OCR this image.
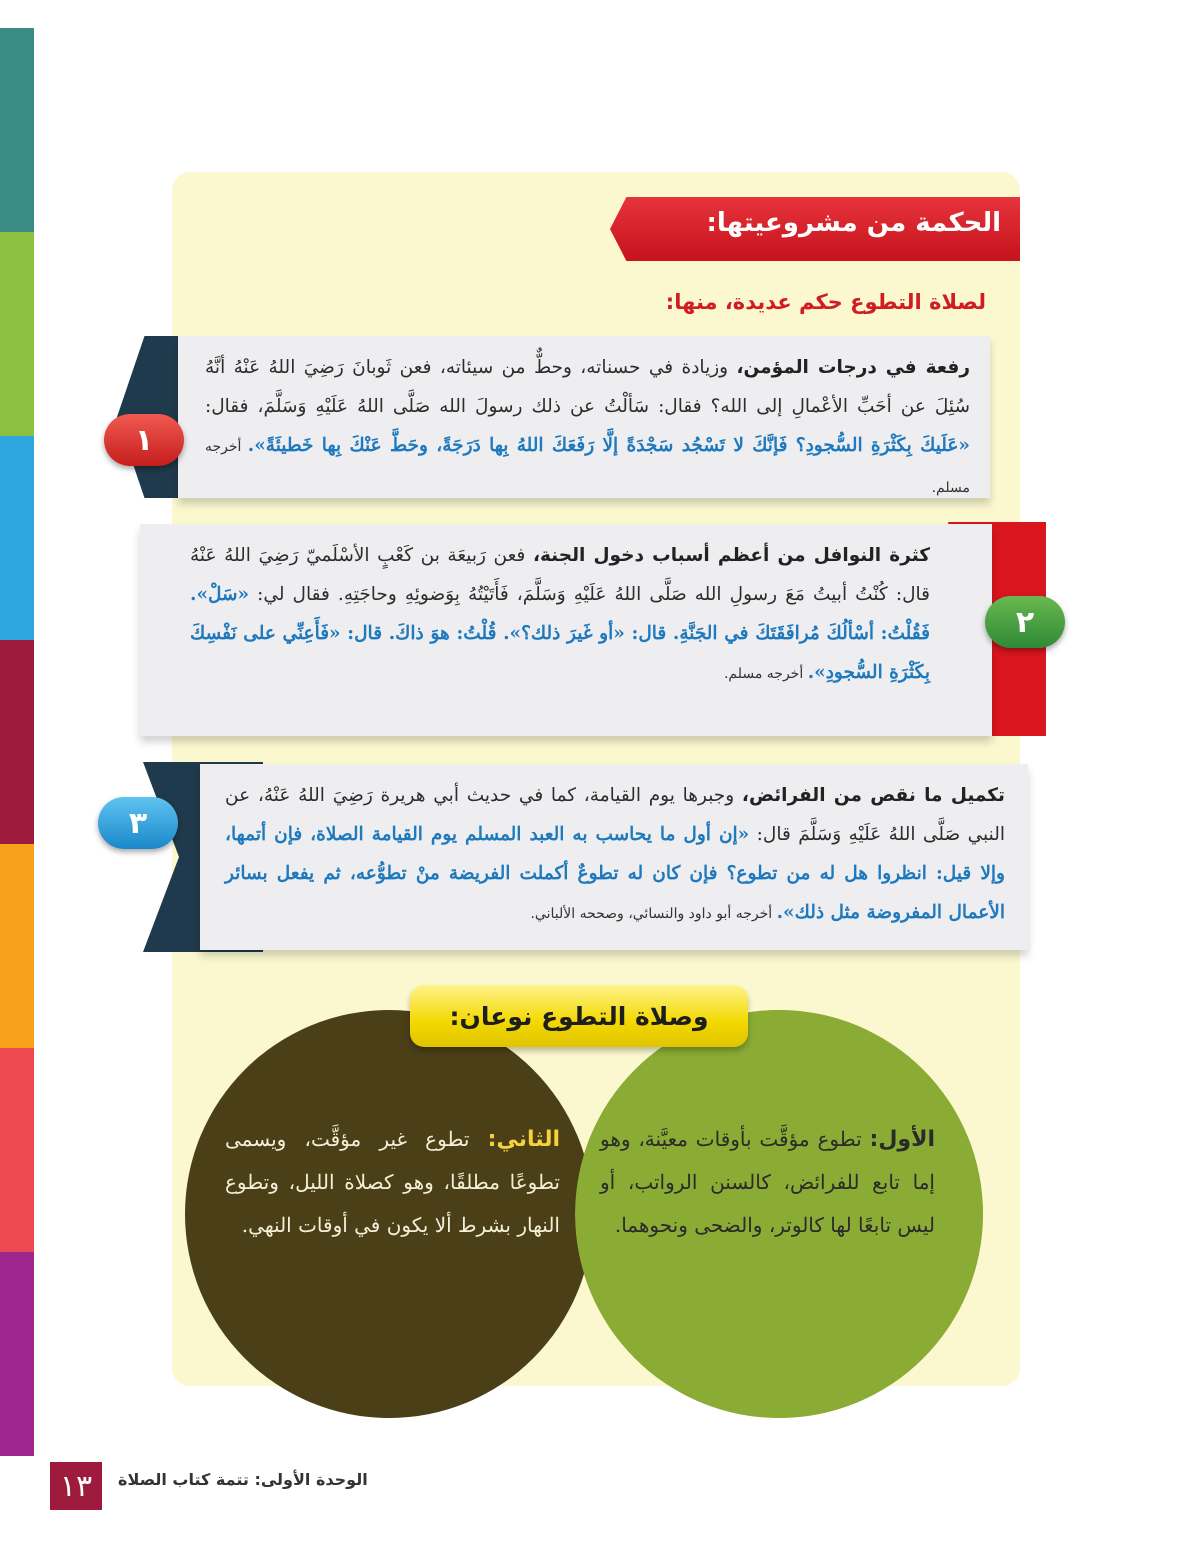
الحكمة من مشروعيتها:
لصلاة التطوع حكم عديدة، منها:
رفعة في درجات المؤمن، وزيادة في حسناته، وحطٌّ من سيئاته، فعن ثَوبانَ رَضِيَ اللهُ عَنْهُ أنَّهُ سُئِلَ عن أحَبِّ الأعْمالِ إلى الله؟ فقال: سَألْتُ عن ذلك رسولَ الله صَلَّى اللهُ عَلَيْهِ وَسَلَّمَ، فقال: «عَلَيكَ بِكَثْرَةِ السُّجودِ؟ فَإنَّكَ لا تَسْجُد سَجْدَةً إلَّا رَفَعَكَ اللهُ بِها دَرَجَةً، وحَطَّ عَنْكَ بِها خَطيئَةً». أخرجه مسلم.
١
كثرة النوافل من أعظم أسباب دخول الجنة، فعن رَبيعَة بن كَعْبٍ الأسْلَميّ رَضِيَ اللهُ عَنْهُ قال: كُنْتُ أبيتُ مَعَ رسولِ الله صَلَّى اللهُ عَلَيْهِ وَسَلَّمَ، فَأَتَيْتُهُ بِوَضوئِهِ وحاجَتِهِ. فقال لي: «سَلْ». فَقُلْتُ: أسْألُكَ مُرافَقَتَكَ في الجَنَّةِ. قال: «أو غَيرَ ذلك؟». قُلْتُ: هوَ ذاكَ. قال: «فَأَعِنِّي على نَفْسِكَ بِكَثْرَةِ السُّجودِ». أخرجه مسلم.
٢
تكميل ما نقص من الفرائض، وجبرها يوم القيامة، كما في حديث أبي هريرة رَضِيَ اللهُ عَنْهُ، عن النبي صَلَّى اللهُ عَلَيْهِ وَسَلَّمَ قال: «إن أول ما يحاسب به العبد المسلم يوم القيامة الصلاة، فإن أتمها، وإلا قيل: انظروا هل له من تطوع؟ فإن كان له تطوعٌ أكملت الفريضة منْ تطوُّعه، ثم يفعل بسائر الأعمال المفروضة مثل ذلك». أخرجه أبو داود والنسائي، وصححه الألباني.
٣
الأول: تطوع مؤقَّت بأوقات معيَّنة، وهو إما تابع للفرائض، كالسنن الرواتب، أو ليس تابعًا لها كالوتر، والضحى ونحوهما.
الثاني: تطوع غير مؤقَّت، ويسمى تطوعًا مطلقًا، وهو كصلاة الليل، وتطوع النهار بشرط ألا يكون في أوقات النهي.
وصلاة التطوع نوعان:
١٣	الوحدة الأولى: تتمة كتاب الصلاة
